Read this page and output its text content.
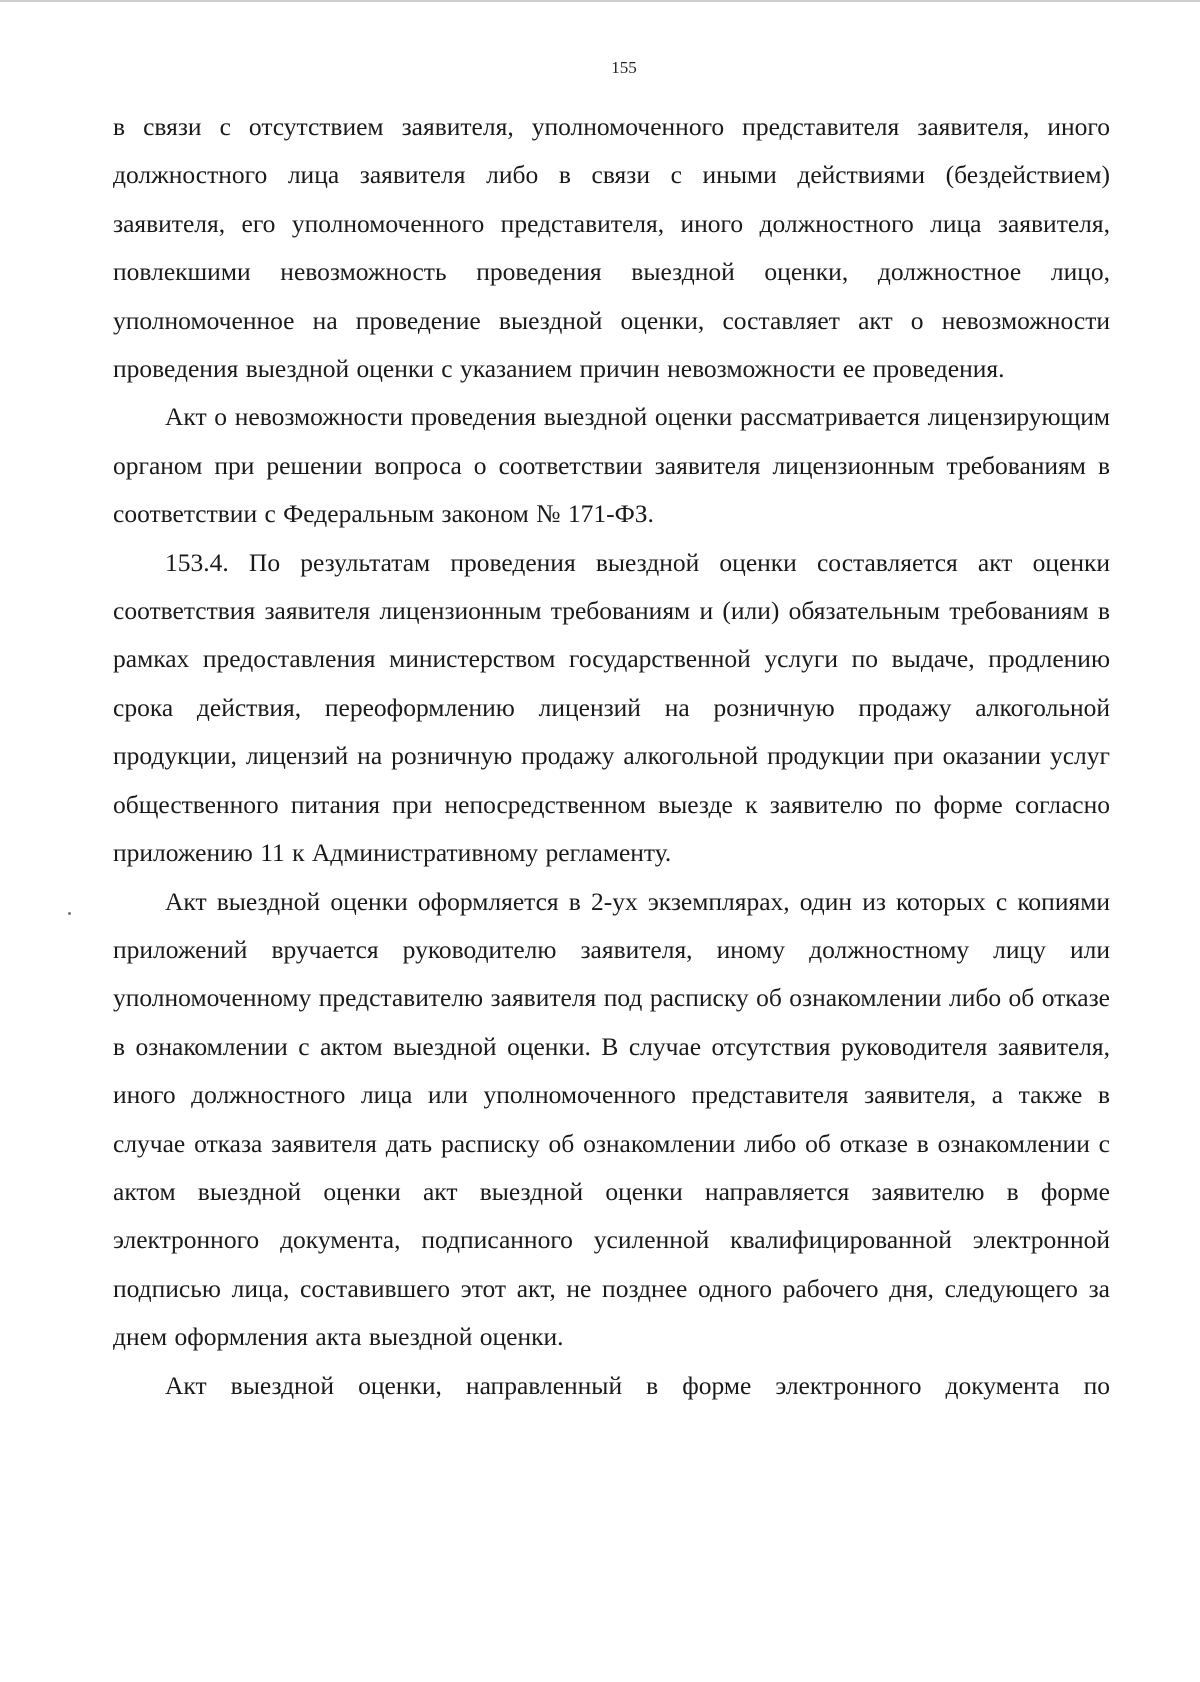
155

в связи с отсутствием заявителя, уполномоченного представителя заявителя, иного должностного лица заявителя либо в связи с иными действиями (бездействием) заявителя, его уполномоченного представителя, иного должностного лица заявителя, повлекшими невозможность проведения выездной оценки, должностное лицо, уполномоченное на проведение выездной оценки, составляет акт о невозможности проведения выездной оценки с указанием причин невозможности ее проведения.

Акт о невозможности проведения выездной оценки рассматривается лицензирующим органом при решении вопроса о соответствии заявителя лицензионным требованиям в соответствии с Федеральным законом № 171-ФЗ.

153.4. По результатам проведения выездной оценки составляется акт оценки соответствия заявителя лицензионным требованиям и (или) обязательным требованиям в рамках предоставления министерством государственной услуги по выдаче, продлению срока действия, переоформлению лицензий на розничную продажу алкогольной продукции, лицензий на розничную продажу алкогольной продукции при оказании услуг общественного питания при непосредственном выезде к заявителю по форме согласно приложению 11 к Административному регламенту.

Акт выездной оценки оформляется в 2-ух экземплярах, один из которых с копиями приложений вручается руководителю заявителя, иному должностному лицу или уполномоченному представителю заявителя под расписку об ознакомлении либо об отказе в ознакомлении с актом выездной оценки. В случае отсутствия руководителя заявителя, иного должностного лица или уполномоченного представителя заявителя, а также в случае отказа заявителя дать расписку об ознакомлении либо об отказе в ознакомлении с актом выездной оценки акт выездной оценки направляется заявителю в форме электронного документа, подписанного усиленной квалифицированной электронной подписью лица, составившего этот акт, не позднее одного рабочего дня, следующего за днем оформления акта выездной оценки.

Акт выездной оценки, направленный в форме электронного документа по
